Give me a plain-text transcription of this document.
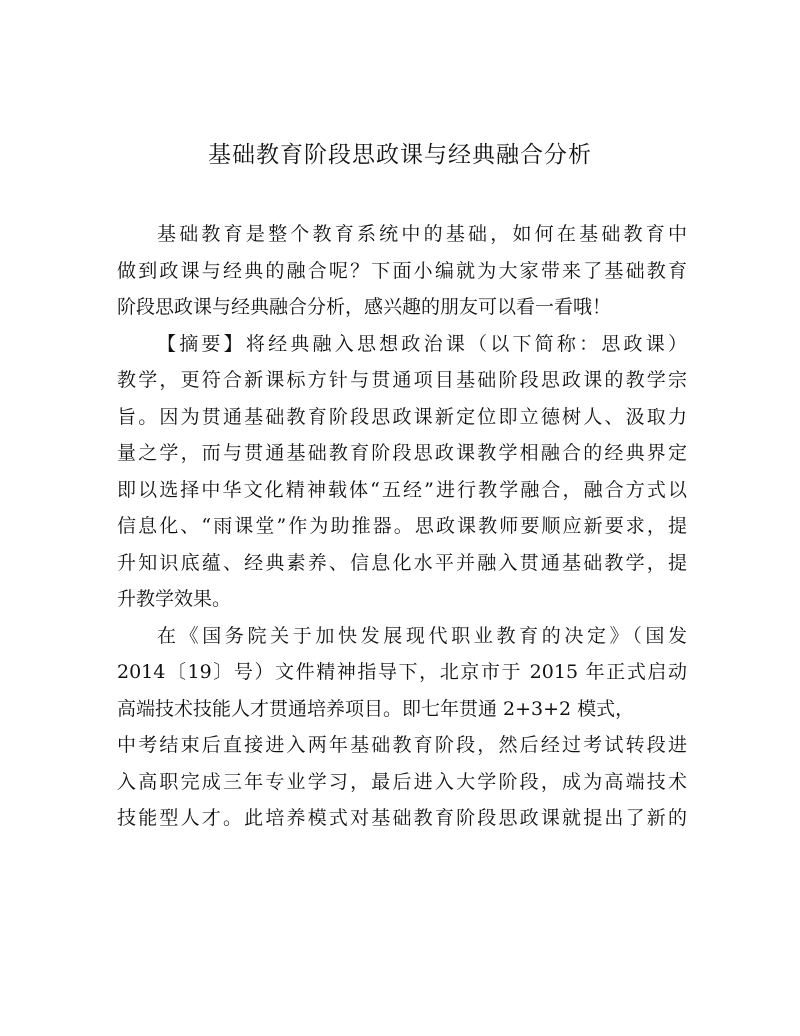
基础教育阶段思政课与经典融合分析
基础教育是整个教育系统中的基础，如何在基础教育中
做到政课与经典的融合呢？下面小编就为大家带来了基础教育
阶段思政课与经典融合分析，感兴趣的朋友可以看一看哦！
【摘要】将经典融入思想政治课（以下简称：思政课）
教学，更符合新课标方针与贯通项目基础阶段思政课的教学宗
旨。因为贯通基础教育阶段思政课新定位即立德树人、汲取力
量之学，而与贯通基础教育阶段思政课教学相融合的经典界定
即以选择中华文化精神载体“五经”进行教学融合，融合方式以
信息化、“雨课堂”作为助推器。思政课教师要顺应新要求，提
升知识底蕴、经典素养、信息化水平并融入贯通基础教学，提
升教学效果。
在《国务院关于加快发展现代职业教育的决定》（国发
2014〔19〕号）文件精神指导下，北京市于 2015 年正式启动
高端技术技能人才贯通培养项目。即七年贯通 2+3+2 模式，
中考结束后直接进入两年基础教育阶段，然后经过考试转段进
入高职完成三年专业学习，最后进入大学阶段，成为高端技术
技能型人才。此培养模式对基础教育阶段思政课就提出了新的
